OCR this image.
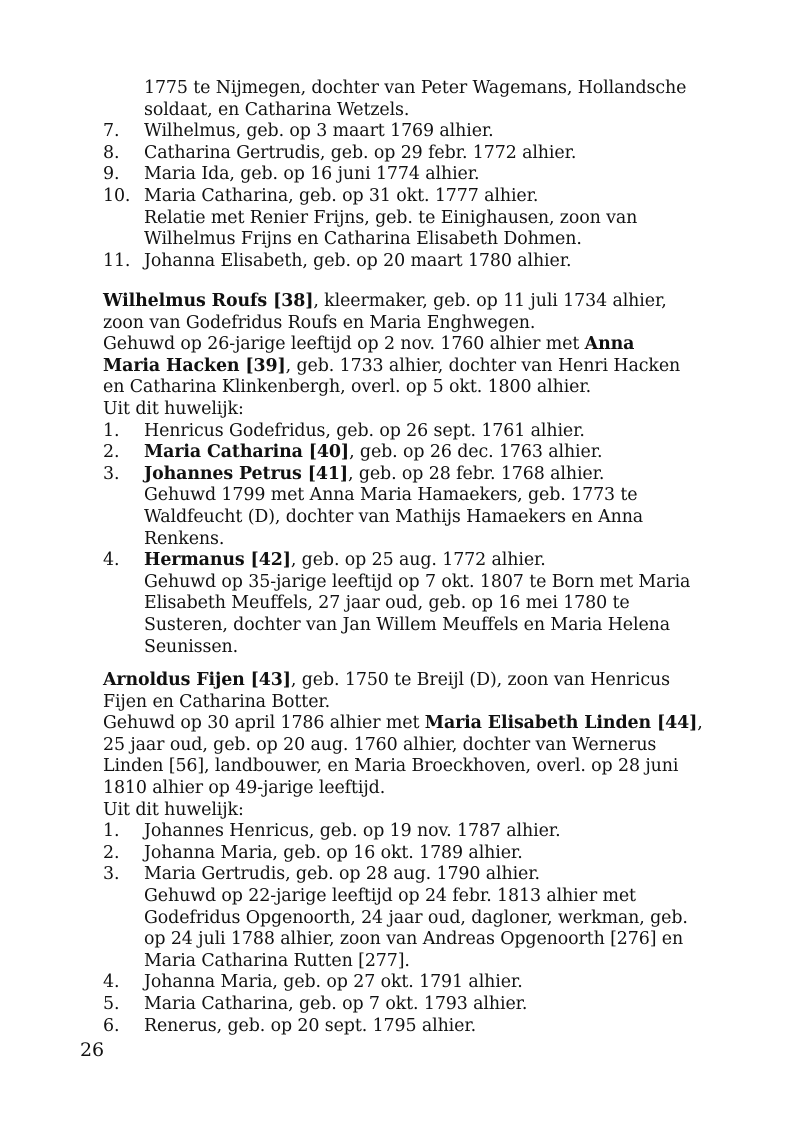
1775 te Nijmegen, dochter van Peter Wagemans, Hollandsche
soldaat, en Catharina Wetzels.
7.	Wilhelmus, geb. op 3 maart 1769 alhier.
8.	Catharina Gertrudis, geb. op 29 febr. 1772 alhier.
9.	Maria Ida, geb. op 16 juni 1774 alhier.
10. Maria Catharina, geb. op 31 okt. 1777 alhier.
Relatie met Renier Frijns, geb. te Einighausen, zoon van
Wilhelmus Frijns en Catharina Elisabeth Dohmen.
11. Johanna Elisabeth, geb. op 20 maart 1780 alhier.
Wilhelmus Roufs [38], kleermaker, geb. op 11 juli 1734 alhier,
zoon van Godefridus Roufs en Maria Enghwegen.
Gehuwd op 26-jarige leeftijd op 2 nov. 1760 alhier met Anna
Maria Hacken [39], geb. 1733 alhier, dochter van Henri Hacken
en Catharina Klinkenbergh, overl. op 5 okt. 1800 alhier.
Uit dit huwelijk:
1.	Henricus Godefridus, geb. op 26 sept. 1761 alhier.
2.	Maria Catharina [40], geb. op 26 dec. 1763 alhier.
3.	Johannes Petrus [41], geb. op 28 febr. 1768 alhier.
Gehuwd 1799 met Anna Maria Hamaekers, geb. 1773 te
Waldfeucht (D), dochter van Mathijs Hamaekers en Anna
Renkens.
4.	Hermanus [42], geb. op 25 aug. 1772 alhier.
Gehuwd op 35-jarige leeftijd op 7 okt. 1807 te Born met Maria
Elisabeth Meuffels, 27 jaar oud, geb. op 16 mei 1780 te
Susteren, dochter van Jan Willem Meuffels en Maria Helena
Seunissen.
Arnoldus Fijen [43], geb. 1750 te Breijl (D), zoon van Henricus
Fijen en Catharina Botter.
Gehuwd op 30 april 1786 alhier met Maria Elisabeth Linden [44],
25 jaar oud, geb. op 20 aug. 1760 alhier, dochter van Wernerus
Linden [56], landbouwer, en Maria Broeckhoven, overl. op 28 juni
1810 alhier op 49-jarige leeftijd.
Uit dit huwelijk:
1.	Johannes Henricus, geb. op 19 nov. 1787 alhier.
2.	Johanna Maria, geb. op 16 okt. 1789 alhier.
3.	Maria Gertrudis, geb. op 28 aug. 1790 alhier.
Gehuwd op 22-jarige leeftijd op 24 febr. 1813 alhier met
Godefridus Opgenoorth, 24 jaar oud, dagloner, werkman, geb.
op 24 juli 1788 alhier, zoon van Andreas Opgenoorth [276] en
Maria Catharina Rutten [277].
4.	Johanna Maria, geb. op 27 okt. 1791 alhier.
5.	Maria Catharina, geb. op 7 okt. 1793 alhier.
6.	Renerus, geb. op 20 sept. 1795 alhier.
26
